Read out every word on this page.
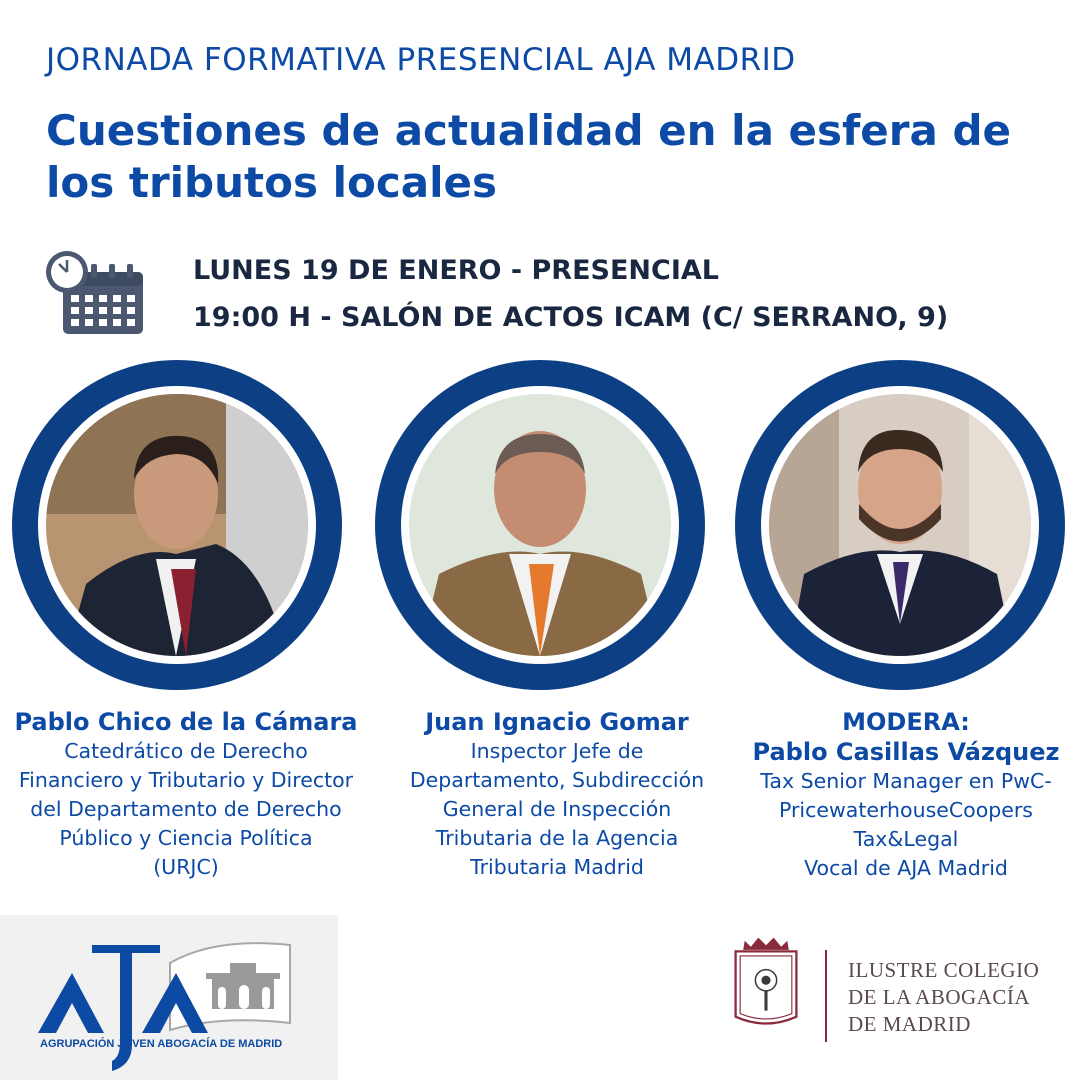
JORNADA FORMATIVA PRESENCIAL AJA MADRID
Cuestiones de actualidad en la esfera de los tributos locales
LUNES 19 DE ENERO - PRESENCIAL
19:00 H - SALÓN DE ACTOS ICAM (C/ SERRANO, 9)
Pablo Chico de la Cámara
Catedrático de Derecho
Financiero y Tributario y Director
del Departamento de Derecho
Público y Ciencia Política
(URJC)
Juan Ignacio Gomar
Inspector Jefe de
Departamento, Subdirección
General de Inspección
Tributaria de la Agencia
Tributaria Madrid
MODERA:
Pablo Casillas Vázquez
Tax Senior Manager en PwC-
PricewaterhouseCoopers
Tax&Legal
Vocal de AJA Madrid
AGRUPACIÓN JOVEN ABOGACÍA DE MADRID
ILUSTRE COLEGIO
DE LA ABOGACÍA
DE MADRID
